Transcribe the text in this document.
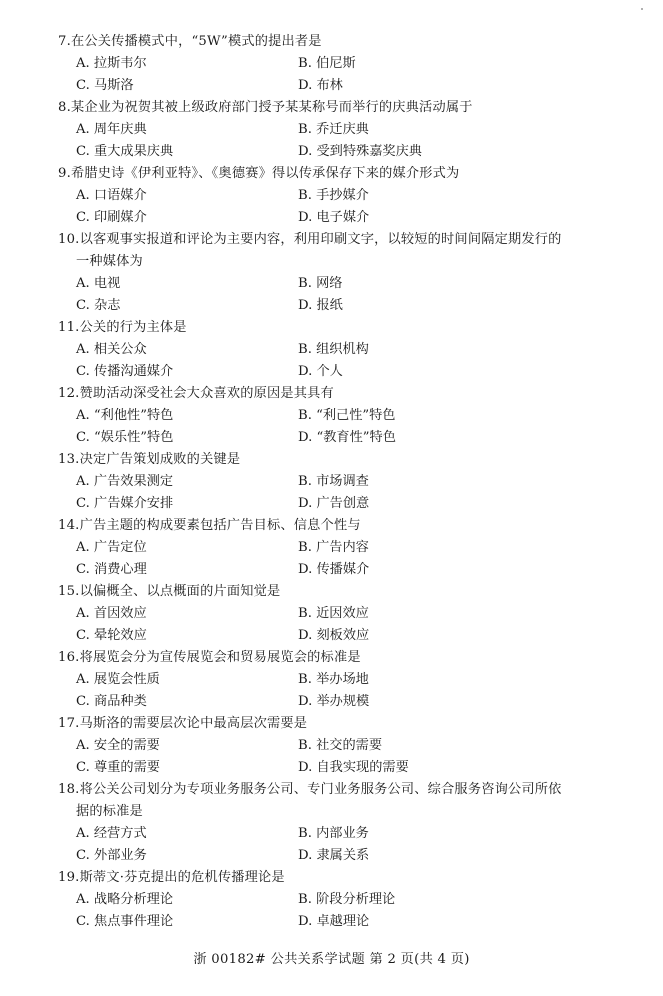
7.在公关传播模式中，“5W”模式的提出者是
A. 拉斯韦尔	B. 伯尼斯
C. 马斯洛	D. 布林
8.某企业为祝贺其被上级政府部门授予某某称号而举行的庆典活动属于
A. 周年庆典	B. 乔迁庆典
C. 重大成果庆典	D. 受到特殊嘉奖庆典
9.希腊史诗《伊利亚特》、《奥德赛》得以传承保存下来的媒介形式为
A. 口语媒介	B. 手抄媒介
C. 印刷媒介	D. 电子媒介
10.以客观事实报道和评论为主要内容，利用印刷文字，以较短的时间间隔定期发行的
一种媒体为
A. 电视	B. 网络
C. 杂志	D. 报纸
11.公关的行为主体是
A. 相关公众	B. 组织机构
C. 传播沟通媒介	D. 个人
12.赞助活动深受社会大众喜欢的原因是其具有
A. “利他性”特色	B. “利己性”特色
C. “娱乐性”特色	D. “教育性”特色
13.决定广告策划成败的关键是
A. 广告效果测定	B. 市场调查
C. 广告媒介安排	D. 广告创意
14.广告主题的构成要素包括广告目标、信息个性与
A. 广告定位	B. 广告内容
C. 消费心理	D. 传播媒介
15.以偏概全、以点概面的片面知觉是
A. 首因效应	B. 近因效应
C. 晕轮效应	D. 刻板效应
16.将展览会分为宣传展览会和贸易展览会的标准是
A. 展览会性质	B. 举办场地
C. 商品种类	D. 举办规模
17.马斯洛的需要层次论中最高层次需要是
A. 安全的需要	B. 社交的需要
C. 尊重的需要	D. 自我实现的需要
18.将公关公司划分为专项业务服务公司、专门业务服务公司、综合服务咨询公司所依
据的标准是
A. 经营方式	B. 内部业务
C. 外部业务	D. 隶属关系
19.斯蒂文·芬克提出的危机传播理论是
A. 战略分析理论	B. 阶段分析理论
C. 焦点事件理论	D. 卓越理论
浙 00182# 公共关系学试题 第 2 页(共 4 页)
